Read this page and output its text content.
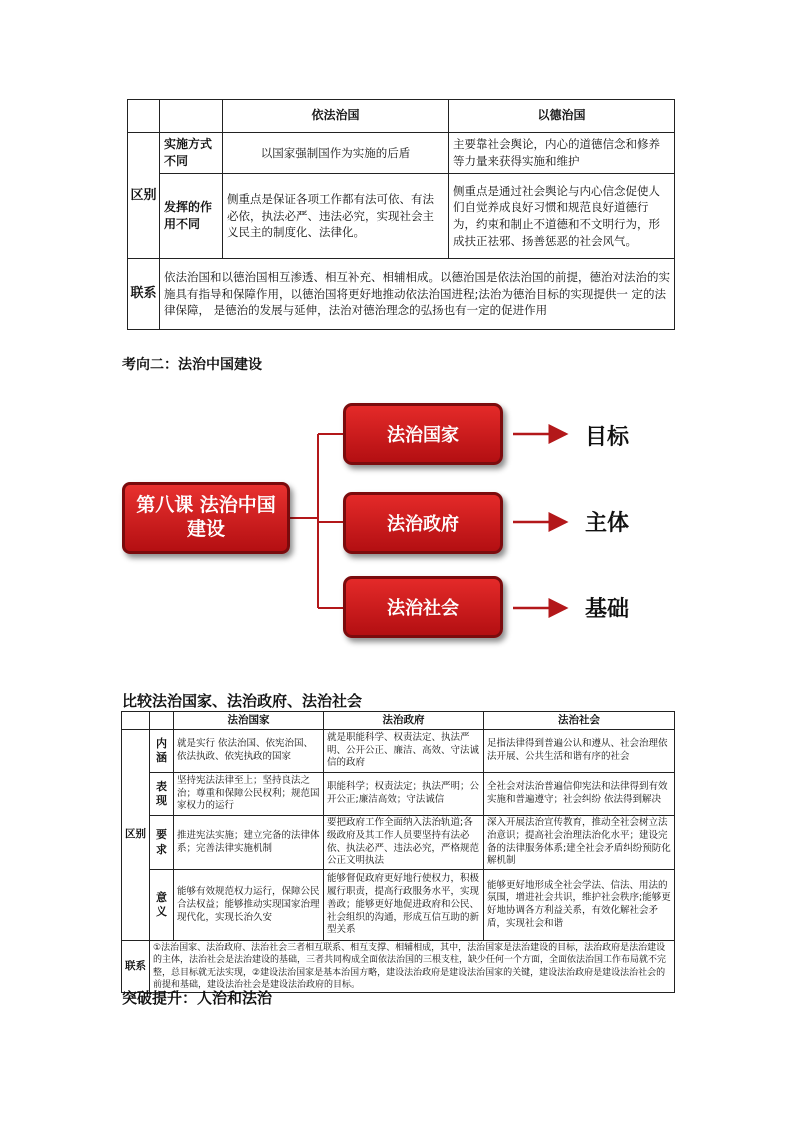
		依法治国	以德治国
区别	实施方式不同	以国家强制国作为实施的后盾	主要靠社会舆论，内心的道德信念和修养等力量来获得实施和维护
	发挥的作用不同	侧重点是保证各项工作都有法可依、有法必依，执法必严、违法必究，实现社会主义民主的制度化、法律化。	侧重点是通过社会舆论与内心信念促使人们自觉养成良好习惯和规范良好道德行为，约束和制止不道德和不文明行为，形成扶正祛邪、扬善惩恶的社会风气。
联系	依法治国和以德治国相互渗透、相互补充、相辅相成。以德治国是依法治国的前提，德治对法治的实施具有指导和保障作用，以德治国将更好地推动依法治国进程;法治为德治目标的实现提供一 定的法律保障， 是德治的发展与延伸，法治对德治理念的弘扬也有一定的促进作用		
考向二：法治中国建设
第八课 法治中国建设
法治国家
法治政府
法治社会
目标
主体
基础
比较法治国家、法治政府、法治社会
		法治国家	法治政府	法治社会
区别	内涵	就是实行 依法治国、依宪治国、依法执政、依宪执政的国家	就是职能科学、权责法定、执法严明、公开公正、廉洁、高效、守法诚信的政府	足指法律得到普遍公认和遵从、社会治理依法开展、公共生活和谐有序的社会
	表现	坚持宪法法律至上；坚持良法之治；尊重和保障公民权利；规范国家权力的运行	职能科学；权责法定；执法严明；公开公正;廉洁高效；守法诚信	全社会对法治普遍信仰宪法和法律得到有效实施和普遍遵守；社会纠纷 依法得到解决
	要求	推进宪法实施；建立完备的法律体系；完善法律实施机制	要把政府工作全面纳入法治轨道;各级政府及其工作人员要坚持有法必依、执法必严、违法必究，严格规范公正文明执法	深入开展法治宣传教育，推动全社会树立法治意识；提高社会治理法治化水平；建设完备的法律服务体系;建全社会矛盾纠纷预防化解机制
	意义	能够有效规范权力运行，保障公民合法权益；能够推动实现国家治理现代化，实现长治久安	能够督促政府更好地行使权力，积极履行职责，提高行政服务水平，实现善政；能够更好地促进政府和公民、社会组织的沟通，形成互信互助的新型关系	能够更好地形成全社会学法、信法、用法的氛围，增进社会共识，维护社会秩序;能够更好地协调各方利益关系，有效化解社会矛盾，实现社会和谐
联系	①法治国家、法治政府、法治社会三者相互联系、相互支撑、相辅相成，其中，法治国家是法治建设的目标，法治政府是法治建设的主体，法治社会是法治建设的基础，三者共同构成全面依法治国的三根支柱，缺少任何一个方面，全面依法治国工作布局就不完整，总目标就无法实现，②建设法治国家是基本治国方略，建设法治政府是建设法治国家的关键，建设法治政府是建设法治社会的前提和基础，建设法治社会是建设法治政府的目标。			
突破提升：人治和法治
